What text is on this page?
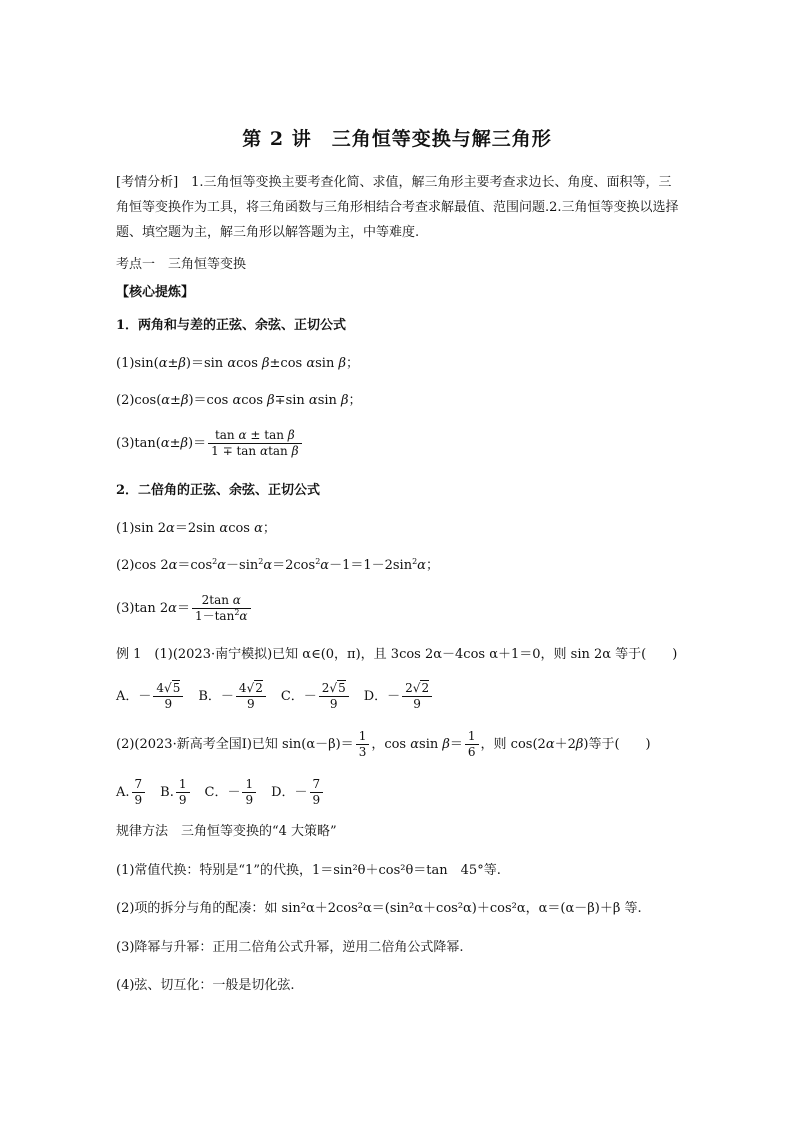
第 2 讲　三角恒等变换与解三角形
[考情分析]　1.三角恒等变换主要考查化简、求值，解三角形主要考查求边长、角度、面积等，三角恒等变换作为工具，将三角函数与三角形相结合考查求解最值、范围问题.2.三角恒等变换以选择题、填空题为主，解三角形以解答题为主，中等难度.
考点一　三角恒等变换
【核心提炼】
1．两角和与差的正弦、余弦、正切公式
(1)sin(α±β)＝sin αcos β±cos αsin β；
(2)cos(α±β)＝cos αcos β∓sin αsin β；
$(3)\tan(\alpha\pm\beta)= \frac{\text{tan α ± tan β}}{\text{1 ∓ tan αtan β}}$
2．二倍角的正弦、余弦、正切公式
(1)sin 2α＝2sin αcos α；
(2)cos $2\alpha=\cos^2\alpha-\sin^2\alpha=2\cos^2\alpha-1=1-2\sin^2\alpha$；
(3)tan $2\alpha= \frac{\text{2tan α}}{1-\tan^2\alpha}$
例 1　(1)(2023·南宁模拟)已知 α∈(0，π)，且 3cos 2α－4cos α＋1＝0，则 sin 2α 等于(　　)
A．－ $\frac{4√5}{9}$ 　B．－ $\frac{4√2}{9}$ 　C．－ $\frac{2√5}{9}$ 　D．－ $\frac{2√2}{9}$
(2)(2023·新高考全国Ⅰ)已知 $\sin(\alpha-\beta)= \frac{1}{3}$ ，cos αsin $\beta= \frac{1}{6}$ ，则 cos(2α＋2β)等于(　　)
A. $\frac{7}{9}$ 　B. $\frac{1}{9}$ 　C．－ $\frac{1}{9}$ 　D．－ $\frac{7}{9}$
规律方法　三角恒等变换的“4 大策略”
(1)常值代换：特别是“1”的代换，1＝sin²θ＋cos²θ＝tan　45°等.
(2)项的拆分与角的配凑：如 sin²α＋2cos²α＝(sin²α＋cos²α)＋cos²α，α＝(α－β)＋β 等.
(3)降幂与升幂：正用二倍角公式升幂，逆用二倍角公式降幂.
(4)弦、切互化：一般是切化弦.
